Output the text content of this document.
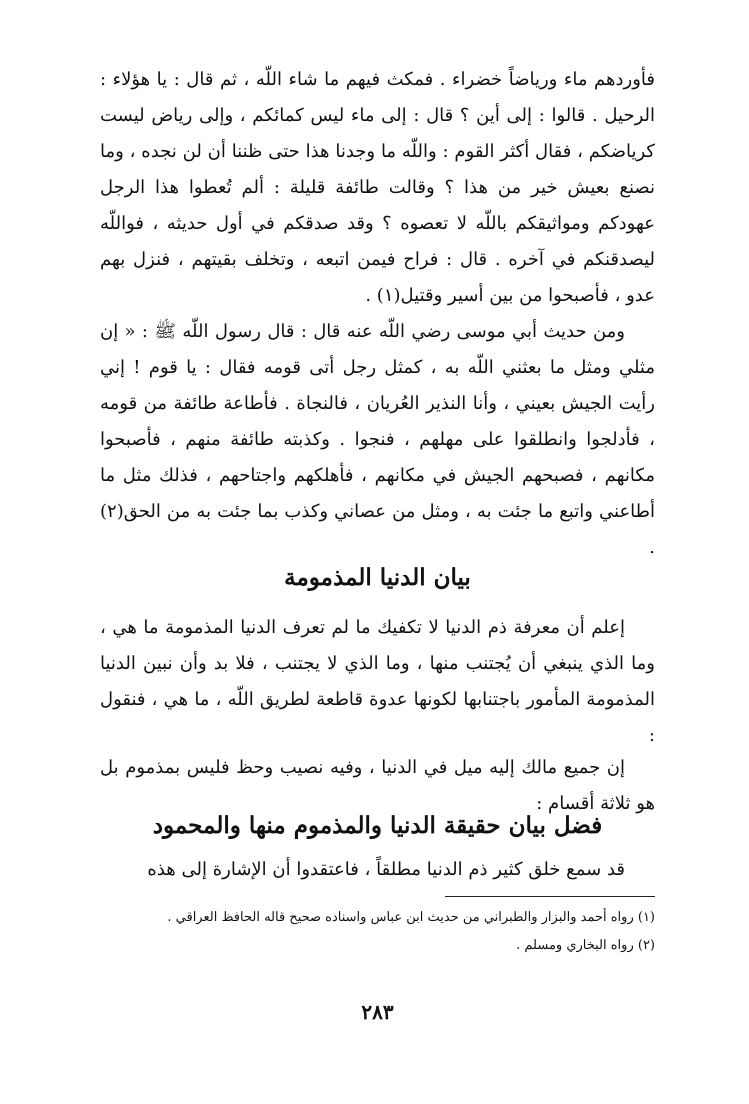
فأوردهم ماء ورياضاً خضراء . فمكث فيهم ما شاء اللّه ، ثم قال : يا هؤلاء : الرحيل . قالوا : إلى أين ؟ قال : إلى ماء ليس كمائكم ، وإلى رياض ليست كرياضكم ، فقال أكثر القوم : واللّه ما وجدنا هذا حتى ظننا أن لن نجده ، وما نصنع بعيش خير من هذا ؟ وقالت طائفة قليلة : ألم تُعطوا هذا الرجل عهودكم ومواثيقكم باللّه لا تعصوه ؟ وقد صدقكم في أول حديثه ، فواللّه ليصدقنكم في آخره . قال : فراح فيمن اتبعه ، وتخلف بقيتهم ، فنزل بهم عدو ، فأصبحوا من بين أسير وقتيل(١) .

ومن حديث أبي موسى رضي اللّه عنه قال : قال رسول اللّه ﷺ : « إن مثلي ومثل ما بعثني اللّه به ، كمثل رجل أتى قومه فقال : يا قوم ! إني رأيت الجيش بعيني ، وأنا النذير العُريان ، فالنجاة . فأطاعة طائفة من قومه ، فأدلجوا وانطلقوا على مهلهم ، فنجوا . وكذبته طائفة منهم ، فأصبحوا مكانهم ، فصبحهم الجيش في مكانهم ، فأهلكهم واجتاحهم ، فذلك مثل ما أطاعني واتبع ما جئت به ، ومثل من عصاني وكذب بما جئت به من الحق(٢) .

بيان الدنيا المذمومة

إعلم أن معرفة ذم الدنيا لا تكفيك ما لم تعرف الدنيا المذمومة ما هي ، وما الذي ينبغي أن يُجتنب منها ، وما الذي لا يجتنب ، فلا بد وأن نبين الدنيا المذمومة المأمور باجتنابها لكونها عدوة قاطعة لطريق اللّه ، ما هي ، فنقول :

إن جميع مالك إليه ميل في الدنيا ، وفيه نصيب وحظ فليس بمذموم بل هو ثلاثة أقسام :

فضل بيان حقيقة الدنيا والمذموم منها والمحمود

قد سمع خلق كثير ذم الدنيا مطلقاً ، فاعتقدوا أن الإشارة إلى هذه

(١) رواه أحمد والبزار والطبراني من حديث ابن عباس واسناده صحيح قاله الحافظ العراقي .

(٢) رواه البخاري ومسلم .

٢٨٣
